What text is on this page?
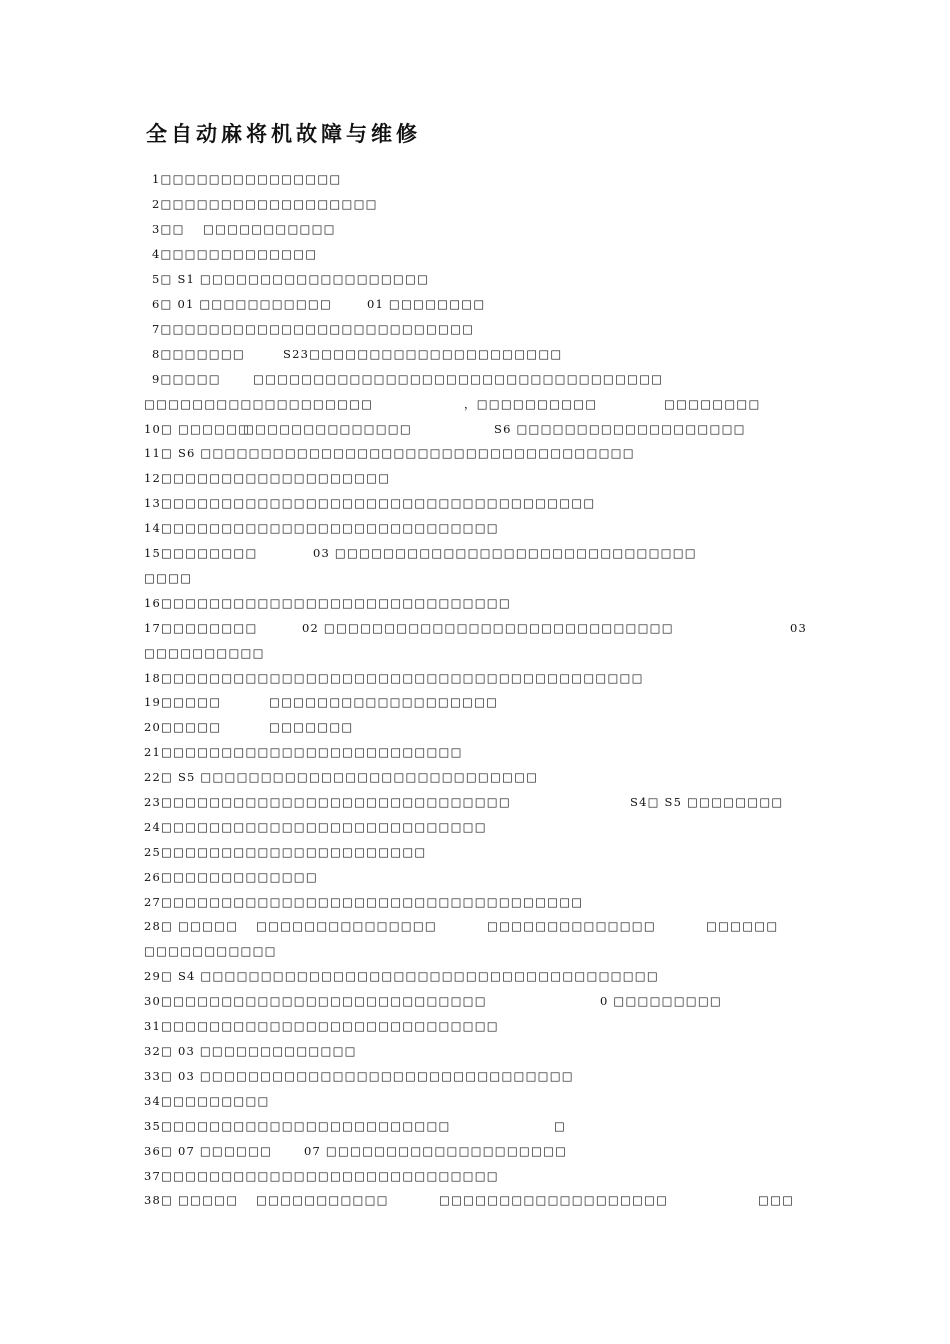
全自动麻将机故障与维修
1□□□□□□□□□□□□□□□
2□□□□□□□□□□□□□□□□□□
3□□ □□□□□□□□□□□
4□□□□□□□□□□□□□
5□ S1 □□□□□□□□□□□□□□□□□□□
6□ 01 □□□□□□□□□□□	01 □□□□□□□□
7□□□□□□□□□□□□□□□□□□□□□□□□□□
8□□□□□□□	S23□□□□□□□□□□□□□□□□□□□□□
9□□□□□	□□□□□□□□□□□□□□□□□□□□□□□□□□□□□□□□□□
□□□□□□□□□□□□□□□□□□□	，□□□□□□□□□□	□□□□□□□□
10□ □□□□□□
□□□□□□□□□□□□□□	S6 □□□□□□□□□□□□□□□□□□□
11□ S6 □□□□□□□□□□□□□□□□□□□□□□□□□□□□□□□□□□□□
12□□□□□□□□□□□□□□□□□□□
13□□□□□□□□□□□□□□□□□□□□□□□□□□□□□□□□□□□□
14□□□□□□□□□□□□□□□□□□□□□□□□□□□□
15□□□□□□□□	03 □□□□□□□□□□□□□□□□□□□□□□□□□□□□□□
□□□□
16□□□□□□□□□□□□□□□□□□□□□□□□□□□□□
17□□□□□□□□	02 □□□□□□□□□□□□□□□□□□□□□□□□□□□□□	03
□□□□□□□□□□
18□□□□□□□□□□□□□□□□□□□□□□□□□□□□□□□□□□□□□□□□
19□□□□□	□□□□□□□□□□□□□□□□□□□
20□□□□□	□□□□□□□
21□□□□□□□□□□□□□□□□□□□□□□□□□
22□ S5 □□□□□□□□□□□□□□□□□□□□□□□□□□□□
23□□□□□□□□□□□□□□□□□□□□□□□□□□□□□	S4□ S5 □□□□□□□□
24□□□□□□□□□□□□□□□□□□□□□□□□□□□
25□□□□□□□□□□□□□□□□□□□□□□
26□□□□□□□□□□□□□
27□□□□□□□□□□□□□□□□□□□□□□□□□□□□□□□□□□□
28□ □□□□□ □□□□□□□□□□□□□□□	□□□□□□□□□□□□□□	□□□□□□
□□□□□□□□□□□
29□ S4 □□□□□□□□□□□□□□□□□□□□□□□□□□□□□□□□□□□□□□
30□□□□□□□□□□□□□□□□□□□□□□□□□□□	0 □□□□□□□□□
31□□□□□□□□□□□□□□□□□□□□□□□□□□□□
32□ 03 □□□□□□□□□□□□□
33□ 03 □□□□□□□□□□□□□□□□□□□□□□□□□□□□□□□
34□□□□□□□□□
35□□□□□□□□□□□□□□□□□□□□□□□□	□
36□ 07 □□□□□□	07 □□□□□□□□□□□□□□□□□□□□
37□□□□□□□□□□□□□□□□□□□□□□□□□□□□
38□ □□□□□ □□□□□□□□□□□	□□□□□□□□□□□□□□□□□□□	□□□
